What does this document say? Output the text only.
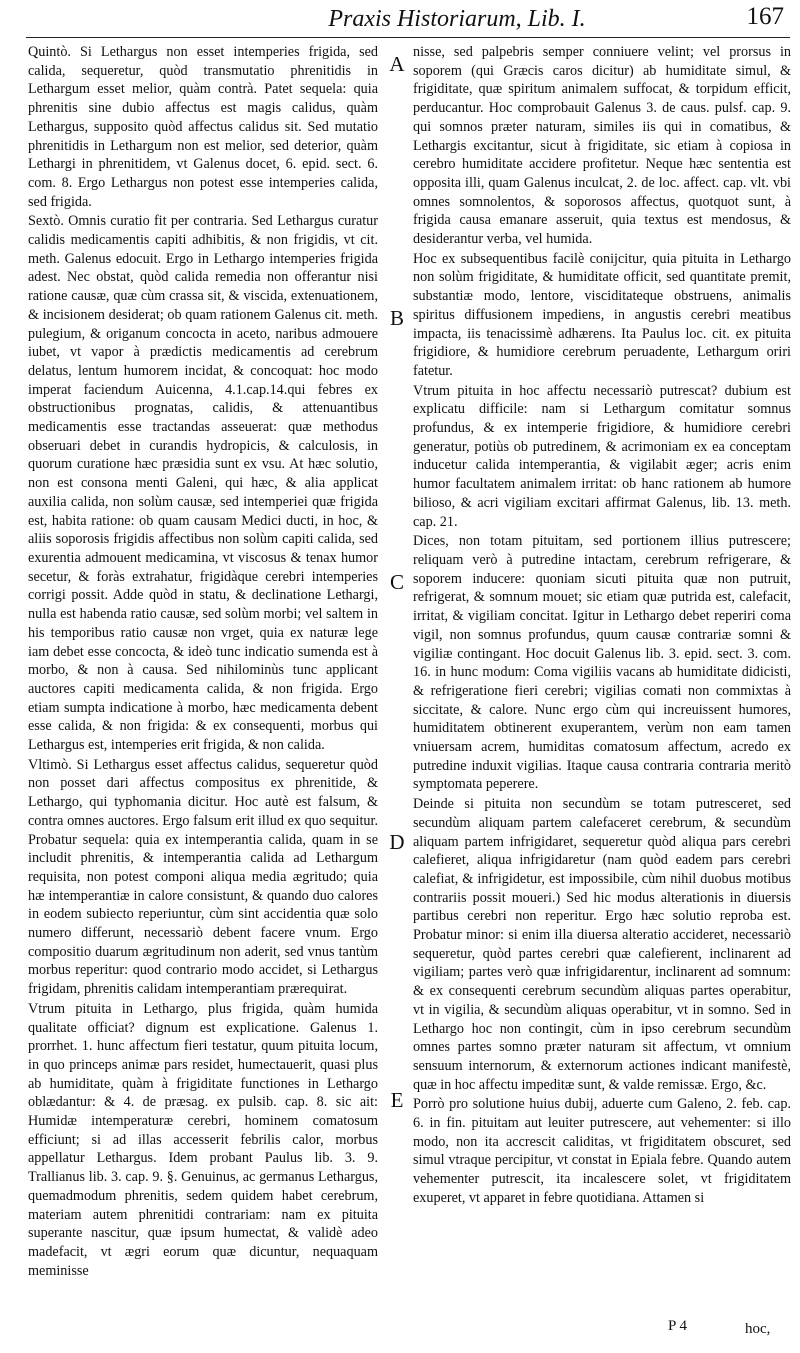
Praxis Historiarum, Lib. I.	167

Quintò. Si Lethargus non esset intemperies frigida, sed calida, sequeretur, quòd transmutatio phrenitidis in Lethargum esset melior, quàm contrà. Patet sequela: quia phrenitis sine dubio affectus est magis calidus, quàm Lethargus, supposito quòd affectus calidus sit. Sed mutatio phrenitidis in Lethargum non est melior, sed deterior, quàm Lethargi in phrenitidem, vt Galenus docet, 6. epid. sect. 6. com. 8. Ergo Lethargus non potest esse intemperies calida, sed frigida.

Sextò. Omnis curatio fit per contraria. Sed Lethargus curatur calidis medicamentis capiti adhibitis, & non frigidis, vt cit. meth. Galenus edocuit. Ergo in Lethargo intemperies frigida adest. Nec obstat, quòd calida remedia non offerantur nisi ratione causæ, quæ cùm crassa sit, & viscida, extenuationem, & incisionem desiderat; ob quam rationem Galenus cit. meth. pulegium, & origanum concocta in aceto, naribus admouere iubet, vt vapor à prædictis medicamentis ad cerebrum delatus, lentum humorem incidat, & concoquat: hoc modo imperat faciendum Auicenna, 4.1.cap.14.qui febres ex obstructionibus prognatas, calidis, & attenuantibus medicamentis esse tractandas asseuerat: quæ methodus obseruari debet in curandis hydropicis, & calculosis, in quorum curatione hæc præsidia sunt ex vsu. At hæc solutio, non est consona menti Galeni, qui hæc, & alia applicat auxilia calida, non solùm causæ, sed intemperiei quæ frigida est, habita ratione: ob quam causam Medici ducti, in hoc, & aliis soporosis frigidis affectibus non solùm capiti calida, sed exurentia admouent medicamina, vt viscosus & tenax humor secetur, & foràs extrahatur, frigidàque cerebri intemperies corrigi possit. Adde quòd in statu, & declinatione Lethargi, nulla est habenda ratio causæ, sed solùm morbi; vel saltem in his temporibus ratio causæ non vrget, quia ex naturæ lege iam debet esse concocta, & ideò tunc indicatio sumenda est à morbo, & non à causa. Sed nihilominùs tunc applicant auctores capiti medicamenta calida, & non frigida. Ergo etiam sumpta indicatione à morbo, hæc medicamenta debent esse calida, & non frigida: & ex consequenti, morbus qui Lethargus est, intemperies erit frigida, & non calida.

Vltimò. Si Lethargus esset affectus calidus, sequeretur quòd non posset dari affectus compositus ex phrenitide, & Lethargo, qui typhomania dicitur. Hoc autè est falsum, & contra omnes auctores. Ergo falsum erit illud ex quo sequitur. Probatur sequela: quia ex intemperantia calida, quam in se includit phrenitis, & intemperantia calida ad Lethargum requisita, non potest componi aliqua media ægritudo; quia hæ intemperantiæ in calore consistunt, & quando duo calores in eodem subiecto reperiuntur, cùm sint accidentia quæ solo numero differunt, necessariò debent facere vnum. Ergo compositio duarum ægritudinum non aderit, sed vnus tantùm morbus reperitur: quod contrario modo accidet, si Lethargus frigidam, phrenitis calidam intemperantiam prærequirat.

Vtrum pituita in Lethargo, plus frigida, quàm humida qualitate officiat? dignum est explicatione. Galenus 1. prorrhet. 1. hunc affectum fieri testatur, quum pituita locum, in quo princeps animæ pars residet, humectauerit, quasi plus ab humiditate, quàm à frigiditate functiones in Lethargo oblædantur: & 4. de præsag. ex pulsib. cap. 8. sic ait: Humidæ intemperaturæ cerebri, hominem comatosum efficiunt; si ad illas accesserit febrilis calor, morbus appellatur Lethargus. Idem probant Paulus lib. 3. 9. Trallianus lib. 3. cap. 9. §. Genuinus, ac germanus Lethargus, quemadmodum phrenitis, sedem quidem habet cerebrum, materiam autem phrenitidi contrariam: nam ex pituita superante nascitur, quæ ipsum humectat, & validè adeo madefacit, vt ægri eorum quæ dicuntur, nequaquam meminisse

A
B
C
D
E

nisse, sed palpebris semper conniuere velint; vel prorsus in soporem (qui Græcis caros dicitur) ab humiditate simul, & frigiditate, quæ spiritum animalem suffocat, & torpidum efficit, perducantur. Hoc comprobauit Galenus 3. de caus. pulsf. cap. 9. qui somnos præter naturam, similes iis qui in comatibus, & Lethargis excitantur, sicut à frigiditate, sic etiam à copiosa in cerebro humiditate accidere profitetur. Neque hæc sententia est opposita illi, quam Galenus inculcat, 2. de loc. affect. cap. vlt. vbi omnes somnolentos, & soporosos affectus, quotquot sunt, à frigida causa emanare asseruit, quia textus est mendosus, & desiderantur verba, vel humida.

Hoc ex subsequentibus facilè conijcitur, quia pituita in Lethargo non solùm frigiditate, & humiditate officit, sed quantitate premit, substantiæ modo, lentore, visciditateque obstruens, animalis spiritus diffusionem impediens, in angustis cerebri meatibus impacta, iis tenacissimè adhærens. Ita Paulus loc. cit. ex pituita frigidiore, & humidiore cerebrum peruadente, Lethargum oriri fatetur.

Vtrum pituita in hoc affectu necessariò putrescat? dubium est explicatu difficile: nam si Lethargum comitatur somnus profundus, & ex intemperie frigidiore, & humidiore cerebri generatur, potiùs ob putredinem, & acrimoniam ex ea conceptam inducetur calida intemperantia, & vigilabit æger; acris enim humor facultatem animalem irritat: ob hanc rationem ab humore bilioso, & acri vigiliam excitari affirmat Galenus, lib. 13. meth. cap. 21.

Dices, non totam pituitam, sed portionem illius putrescere; reliquam verò à putredine intactam, cerebrum refrigerare, & soporem inducere: quoniam sicuti pituita quæ non putruit, refrigerat, & somnum mouet; sic etiam quæ putrida est, calefacit, irritat, & vigiliam concitat. Igitur in Lethargo debet reperiri coma vigil, non somnus profundus, quum causæ contrariæ somni & vigiliæ contingant. Hoc docuit Galenus lib. 3. epid. sect. 3. com. 16. in hunc modum: Coma vigiliis vacans ab humiditate didicisti, & refrigeratione fieri cerebri; vigilias comati non commixtas à siccitate, & calore. Nunc ergo cùm qui increuissent humores, humiditatem obtinerent exuperantem, verùm non eam tamen vniuersam acrem, humiditas comatosum affectum, acredo ex putredine induxit vigilias. Itaque causa contraria contraria meritò symptomata peperere.

Deinde si pituita non secundùm se totam putresceret, sed secundùm aliquam partem calefaceret cerebrum, & secundùm aliquam partem infrigidaret, sequeretur quòd aliqua pars cerebri calefieret, aliqua infrigidaretur (nam quòd eadem pars cerebri calefiat, & infrigidetur, est impossibile, cùm nihil duobus motibus contrariis possit moueri.) Sed hic modus alterationis in diuersis partibus cerebri non reperitur. Ergo hæc solutio reproba est. Probatur minor: si enim illa diuersa alteratio accideret, necessariò sequeretur, quòd partes cerebri quæ calefierent, inclinarent ad vigiliam; partes verò quæ infrigidarentur, inclinarent ad somnum: & ex consequenti cerebrum secundùm aliquas partes operabitur, vt in vigilia, & secundùm aliquas operabitur, vt in somno. Sed in Lethargo hoc non contingit, cùm in ipso cerebrum secundùm omnes partes somno præter naturam sit affectum, vt omnium sensuum internorum, & externorum actiones indicant manifestè, quæ in hoc affectu impeditæ sunt, & valde remissæ. Ergo, &c.

Porrò pro solutione huius dubij, aduerte cum Galeno, 2. feb. cap. 6. in fin. pituitam aut leuiter putrescere, aut vehementer: si illo modo, non ita accrescit caliditas, vt frigiditatem obscuret, sed simul vtraque percipitur, vt constat in Epiala febre. Quando autem vehementer putrescit, ita incalescere solet, vt frigiditatem exuperet, vt apparet in febre quotidiana. Attamen si

P 4	hoc,
